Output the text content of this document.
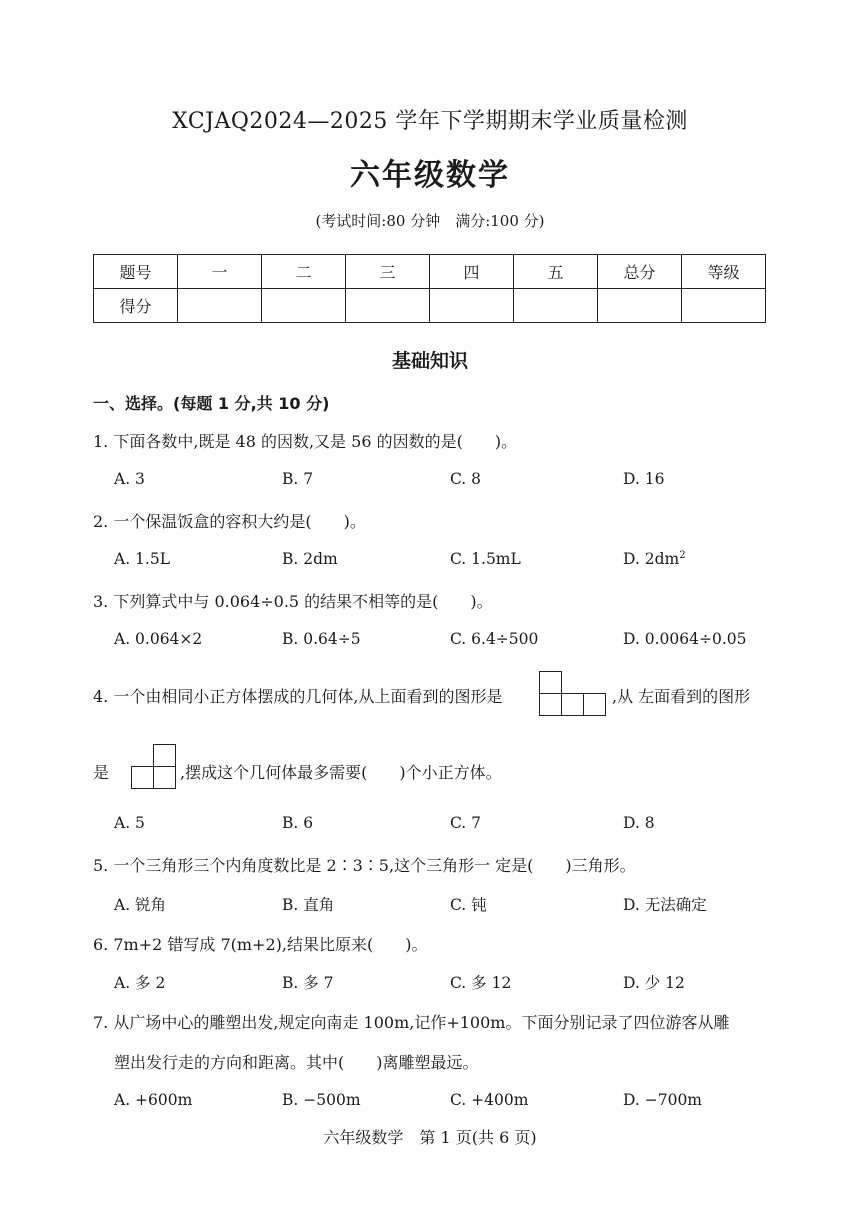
XCJAQ2024—2025 学年下学期期末学业质量检测
六年级数学
(考试时间:80 分钟　满分:100 分)
题号	一	二	三	四	五	总分	等级
得分							
基础知识
一、选择。(每题 1 分,共 10 分)
1. 下面各数中,既是 48 的因数,又是 56 的因数的是(　　)。
A. 3	B. 7	C. 8	D. 16
2. 一个保温饭盒的容积大约是(　　)。
A. 1.5L	B. 2dm	C. 1.5mL	D. $2dm^2$
3. 下列算式中与 0.064÷0.5 的结果不相等的是(　　)。
A. 0.064×2	B. 0.64÷5	C. 6.4÷500	D. 0.0064÷0.05
4. 一个由相同小正方体摆成的几何体,从上面看到的图形是	,从 左面看到的图形
是	,摆成这个几何体最多需要(　　)个小正方体。
A. 5	B. 6	C. 7	D. 8
5. 一个三角形三个内角度数比是 2∶3∶5,这个三角形一 定是(　　)三角形。
A. 锐角	B. 直角	C. 钝	D. 无法确定
6. 7m+2 错写成 7(m+2),结果比原来(　　)。
A. 多 2	B. 多 7	C. 多 12	D. 少 12
7. 从广场中心的雕塑出发,规定向南走 100m,记作+100m。下面分别记录了四位游客从雕
塑出发行走的方向和距离。其中(　　)离雕塑最远。
A. +600m	B. −500m	C. +400m	D. −700m
六年级数学　第 1 页(共 6 页)
